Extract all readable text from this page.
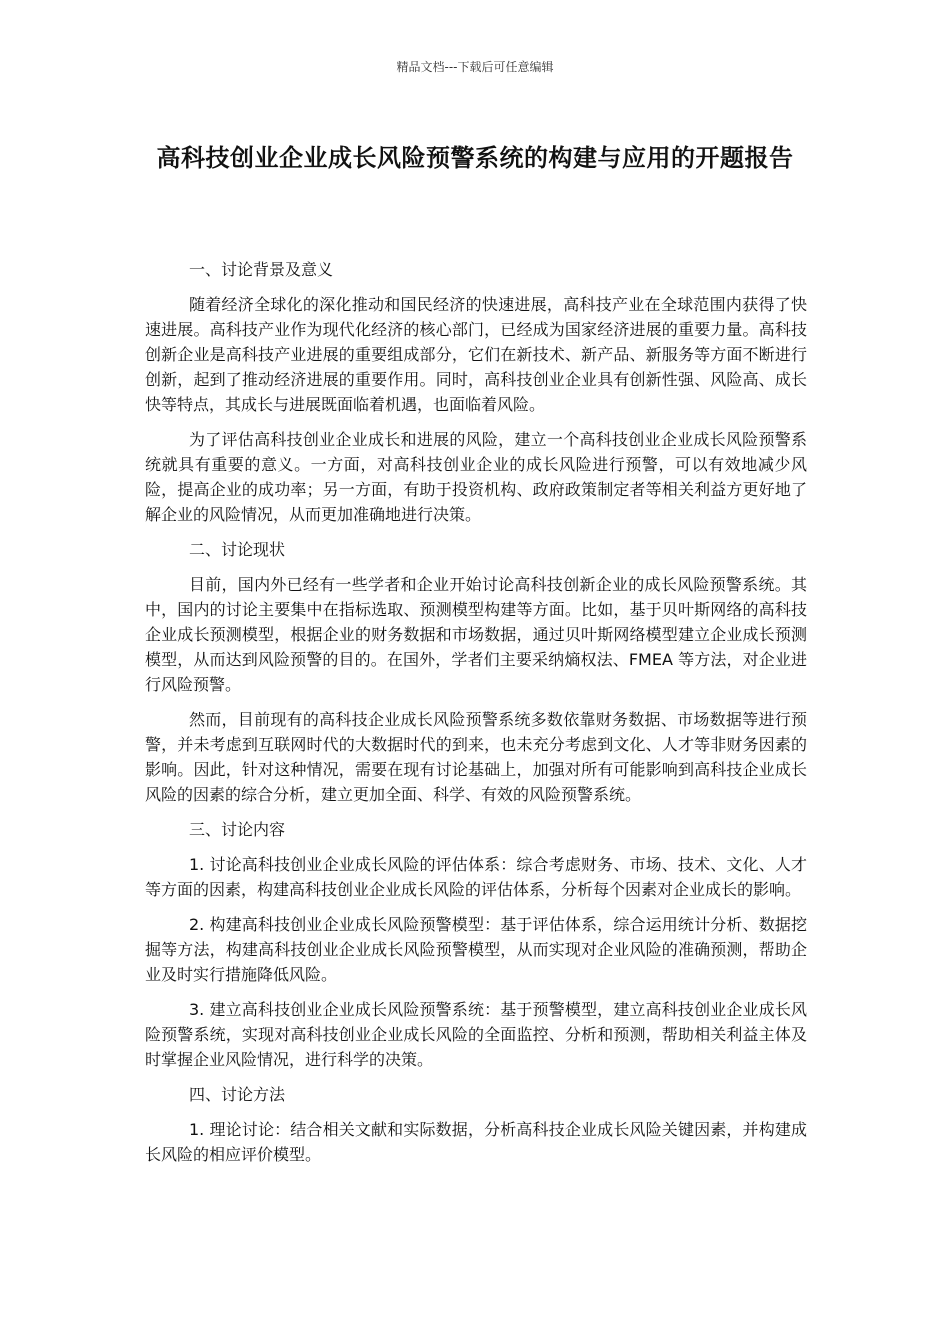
精品文档---下载后可任意编辑
高科技创业企业成长风险预警系统的构建与应用的开题报告

一、讨论背景及意义

随着经济全球化的深化推动和国民经济的快速进展，高科技产业在全球范围内获得了快速进展。高科技产业作为现代化经济的核心部门，已经成为国家经济进展的重要力量。高科技创新企业是高科技产业进展的重要组成部分，它们在新技术、新产品、新服务等方面不断进行创新，起到了推动经济进展的重要作用。同时，高科技创业企业具有创新性强、风险高、成长快等特点，其成长与进展既面临着机遇，也面临着风险。

为了评估高科技创业企业成长和进展的风险，建立一个高科技创业企业成长风险预警系统就具有重要的意义。一方面，对高科技创业企业的成长风险进行预警，可以有效地减少风险，提高企业的成功率；另一方面，有助于投资机构、政府政策制定者等相关利益方更好地了解企业的风险情况，从而更加准确地进行决策。

二、讨论现状

目前，国内外已经有一些学者和企业开始讨论高科技创新企业的成长风险预警系统。其中，国内的讨论主要集中在指标选取、预测模型构建等方面。比如，基于贝叶斯网络的高科技企业成长预测模型，根据企业的财务数据和市场数据，通过贝叶斯网络模型建立企业成长预测模型，从而达到风险预警的目的。在国外，学者们主要采纳熵权法、FMEA 等方法，对企业进行风险预警。

然而，目前现有的高科技企业成长风险预警系统多数依靠财务数据、市场数据等进行预警，并未考虑到互联网时代的大数据时代的到来，也未充分考虑到文化、人才等非财务因素的影响。因此，针对这种情况，需要在现有讨论基础上，加强对所有可能影响到高科技企业成长风险的因素的综合分析，建立更加全面、科学、有效的风险预警系统。

三、讨论内容

1. 讨论高科技创业企业成长风险的评估体系：综合考虑财务、市场、技术、文化、人才等方面的因素，构建高科技创业企业成长风险的评估体系，分析每个因素对企业成长的影响。

2. 构建高科技创业企业成长风险预警模型：基于评估体系，综合运用统计分析、数据挖掘等方法，构建高科技创业企业成长风险预警模型，从而实现对企业风险的准确预测，帮助企业及时实行措施降低风险。

3. 建立高科技创业企业成长风险预警系统：基于预警模型，建立高科技创业企业成长风险预警系统，实现对高科技创业企业成长风险的全面监控、分析和预测，帮助相关利益主体及时掌握企业风险情况，进行科学的决策。

四、讨论方法

1. 理论讨论：结合相关文献和实际数据，分析高科技企业成长风险关键因素，并构建成长风险的相应评价模型。
